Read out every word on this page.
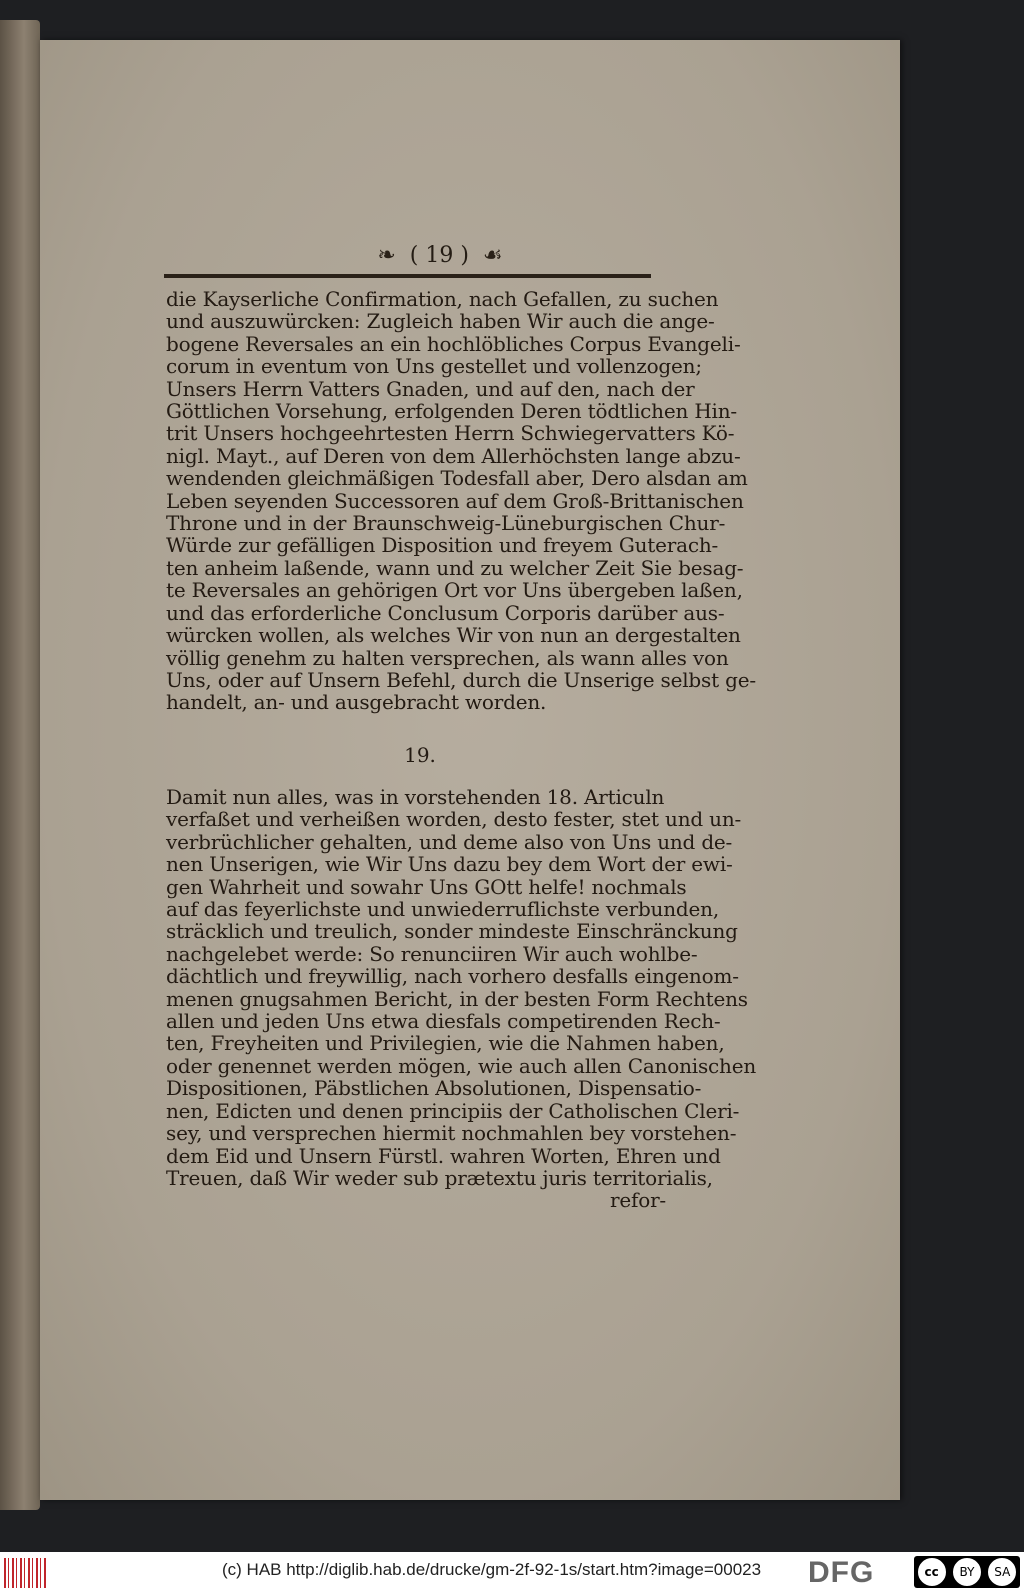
❧ ( 19 ) ☙
die Kayserliche Confirmation, nach Gefallen, zu suchen
und auszuwürcken: Zugleich haben Wir auch die ange-
bogene Reversales an ein hochlöbliches Corpus Evangeli-
corum in eventum von Uns gestellet und vollenzogen;
Unsers Herrn Vatters Gnaden, und auf den, nach der
Göttlichen Vorsehung, erfolgenden Deren tödtlichen Hin-
trit Unsers hochgeehrtesten Herrn Schwiegervatters Kö-
nigl. Mayt., auf Deren von dem Allerhöchsten lange abzu-
wendenden gleichmäßigen Todesfall aber, Dero alsdan am
Leben seyenden Successoren auf dem Groß-Brittanischen
Throne und in der Braunschweig-Lüneburgischen Chur-
Würde zur gefälligen Disposition und freyem Guterach-
ten anheim laßende, wann und zu welcher Zeit Sie besag-
te Reversales an gehörigen Ort vor Uns übergeben laßen,
und das erforderliche Conclusum Corporis darüber aus-
würcken wollen, als welches Wir von nun an dergestalten
völlig genehm zu halten versprechen, als wann alles von
Uns, oder auf Unsern Befehl, durch die Unserige selbst ge-
handelt, an- und ausgebracht worden.
19.
Damit nun alles, was in vorstehenden 18. Articuln
verfaßet und verheißen worden, desto fester, stet und un-
verbrüchlicher gehalten, und deme also von Uns und de-
nen Unserigen, wie Wir Uns dazu bey dem Wort der ewi-
gen Wahrheit und sowahr Uns GOtt helfe! nochmals
auf das feyerlichste und unwiederruflichste verbunden,
sträcklich und treulich, sonder mindeste Einschränckung
nachgelebet werde: So renunciiren Wir auch wohlbe-
dächtlich und freywillig, nach vorhero desfalls eingenom-
menen gnugsahmen Bericht, in der besten Form Rechtens
allen und jeden Uns etwa diesfals competirenden Rech-
ten, Freyheiten und Privilegien, wie die Nahmen haben,
oder genennet werden mögen, wie auch allen Canonischen
Dispositionen, Päbstlichen Absolutionen, Dispensatio-
nen, Edicten und denen principiis der Catholischen Cleri-
sey, und versprechen hiermit nochmahlen bey vorstehen-
dem Eid und Unsern Fürstl. wahren Worten, Ehren und
Treuen, daß Wir weder sub prætextu juris territorialis,
refor-
(c) HAB http://diglib.hab.de/drucke/gm-2f-92-1s/start.htm?image=00023 DFG	cc	BY	SA
